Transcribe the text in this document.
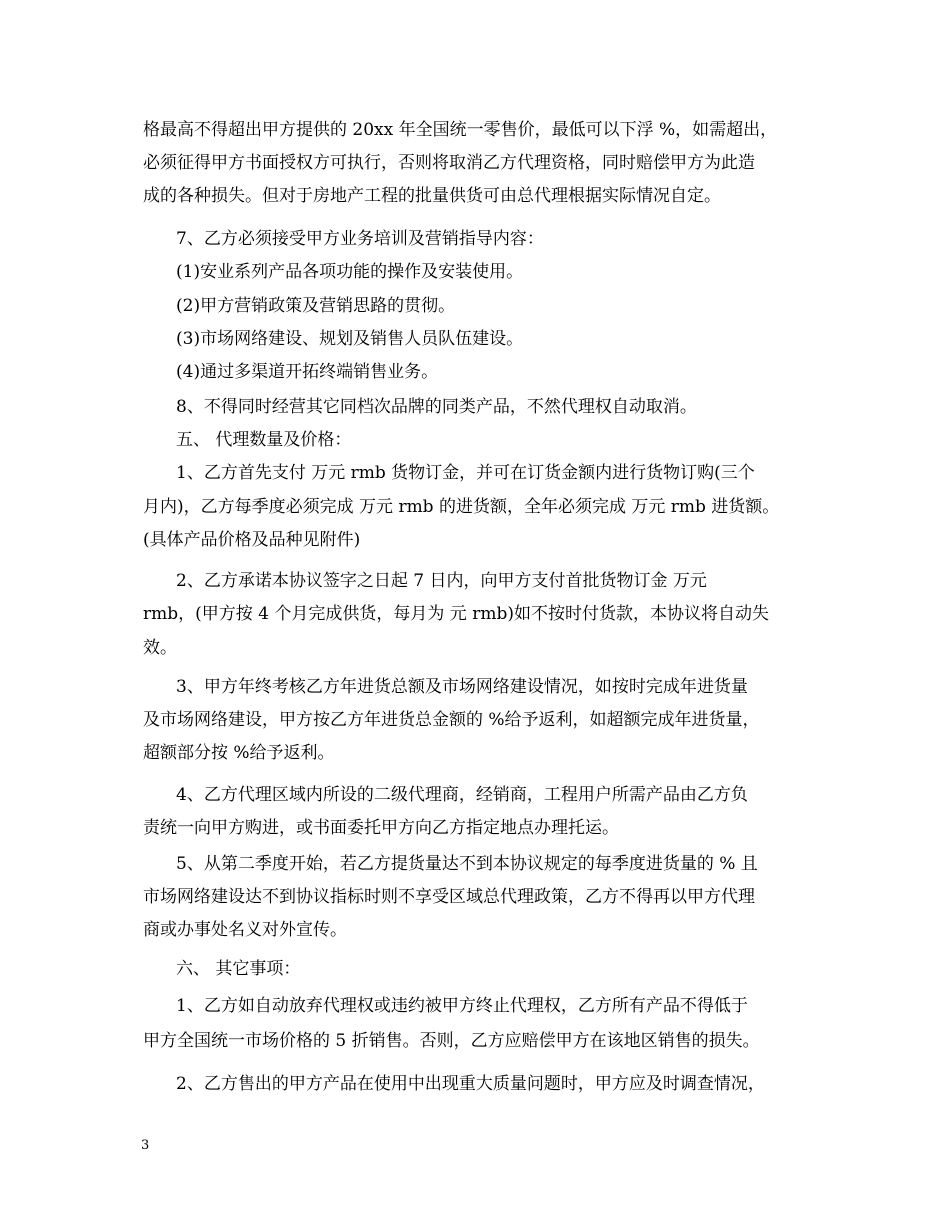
格最高不得超出甲方提供的 20xx 年全国统一零售价，最低可以下浮 %，如需超出，
必须征得甲方书面授权方可执行，否则将取消乙方代理资格，同时赔偿甲方为此造
成的各种损失。但对于房地产工程的批量供货可由总代理根据实际情况自定。
7、乙方必须接受甲方业务培训及营销指导内容：
(1)安业系列产品各项功能的操作及安装使用。
(2)甲方营销政策及营销思路的贯彻。
(3)市场网络建设、规划及销售人员队伍建设。
(4)通过多渠道开拓终端销售业务。
8、不得同时经营其它同档次品牌的同类产品，不然代理权自动取消。
五、 代理数量及价格：
1、乙方首先支付 万元 rmb 货物订金，并可在订货金额内进行货物订购(三个
月内)，乙方每季度必须完成 万元 rmb 的进货额，全年必须完成 万元 rmb 进货额。
(具体产品价格及品种见附件)
2、乙方承诺本协议签字之日起 7 日内，向甲方支付首批货物订金 万元
rmb，(甲方按 4 个月完成供货，每月为 元 rmb)如不按时付货款，本协议将自动失
效。
3、甲方年终考核乙方年进货总额及市场网络建设情况，如按时完成年进货量
及市场网络建设，甲方按乙方年进货总金额的 %给予返利，如超额完成年进货量，
超额部分按 %给予返利。
4、乙方代理区域内所设的二级代理商，经销商，工程用户所需产品由乙方负
责统一向甲方购进，或书面委托甲方向乙方指定地点办理托运。
5、从第二季度开始，若乙方提货量达不到本协议规定的每季度进货量的 % 且
市场网络建设达不到协议指标时则不享受区域总代理政策，乙方不得再以甲方代理
商或办事处名义对外宣传。
六、 其它事项：
1、乙方如自动放弃代理权或违约被甲方终止代理权，乙方所有产品不得低于
甲方全国统一市场价格的 5 折销售。否则，乙方应赔偿甲方在该地区销售的损失。
2、乙方售出的甲方产品在使用中出现重大质量问题时，甲方应及时调查情况，
3
